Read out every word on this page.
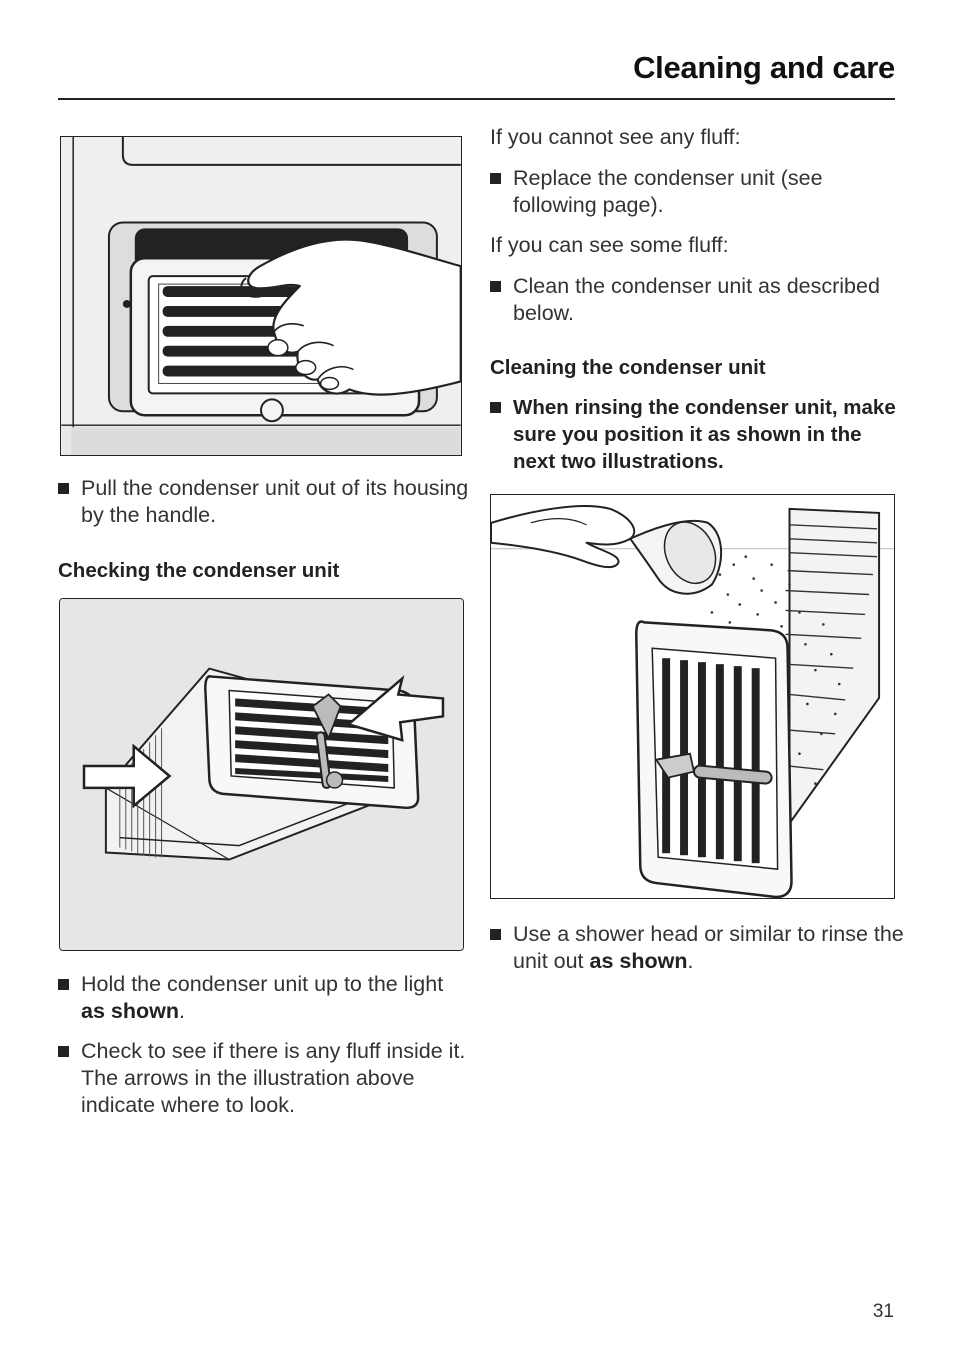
Cleaning and care
Pull the condenser unit out of its housing by the handle.
Checking the condenser unit
Hold the condenser unit up to the light as shown.
Check to see if there is any fluff inside it.
The arrows in the illustration above indicate where to look.
If you cannot see any fluff:
Replace the condenser unit (see following page).
If you can see some fluff:
Clean the condenser unit as described below.
Cleaning the condenser unit
When rinsing the condenser unit, make sure you position it as shown in the next two illustrations.
Use a shower head or similar to rinse the unit out as shown.
31
